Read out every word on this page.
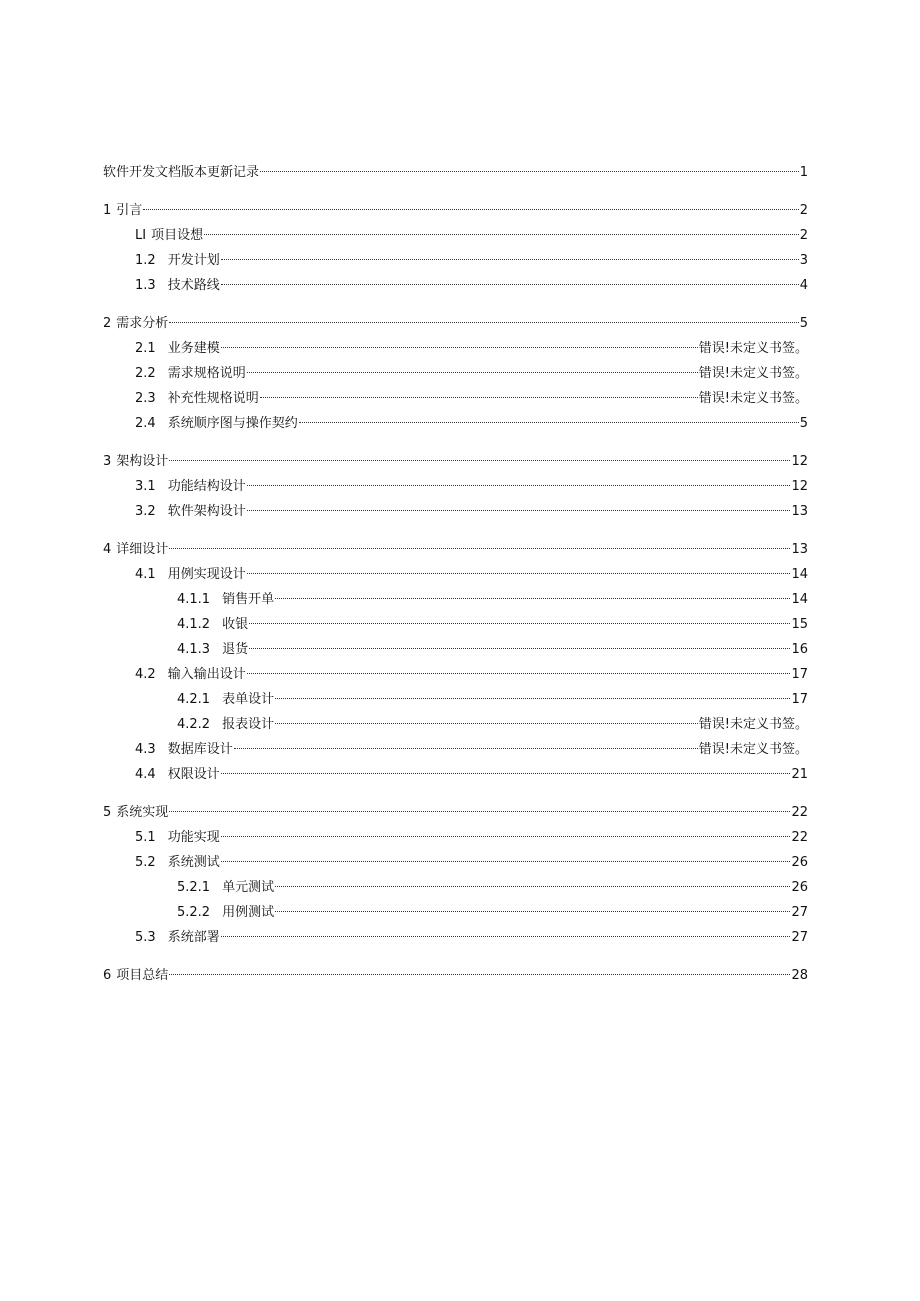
软件开发文档版本更新记录	1
1 引言	2
LI 项目设想	2
1.2 开发计划	3
1.3 技术路线	4
2 需求分析	5
2.1 业务建模	错误!未定义书签。
2.2 需求规格说明	错误!未定义书签。
2.3 补充性规格说明	错误!未定义书签。
2.4 系统顺序图与操作契约	5
3 架构设计	12
3.1 功能结构设计	12
3.2 软件架构设计	13
4 详细设计	13
4.1 用例实现设计	14
4.1.1 销售开单	14
4.1.2 收银	15
4.1.3 退货	16
4.2 输入输出设计	17
4.2.1 表单设计	17
4.2.2 报表设计	错误!未定义书签。
4.3 数据库设计	错误!未定义书签。
4.4 权限设计	21
5 系统实现	22
5.1 功能实现	22
5.2 系统测试	26
5.2.1 单元测试	26
5.2.2 用例测试	27
5.3 系统部署	27
6 项目总结	28
